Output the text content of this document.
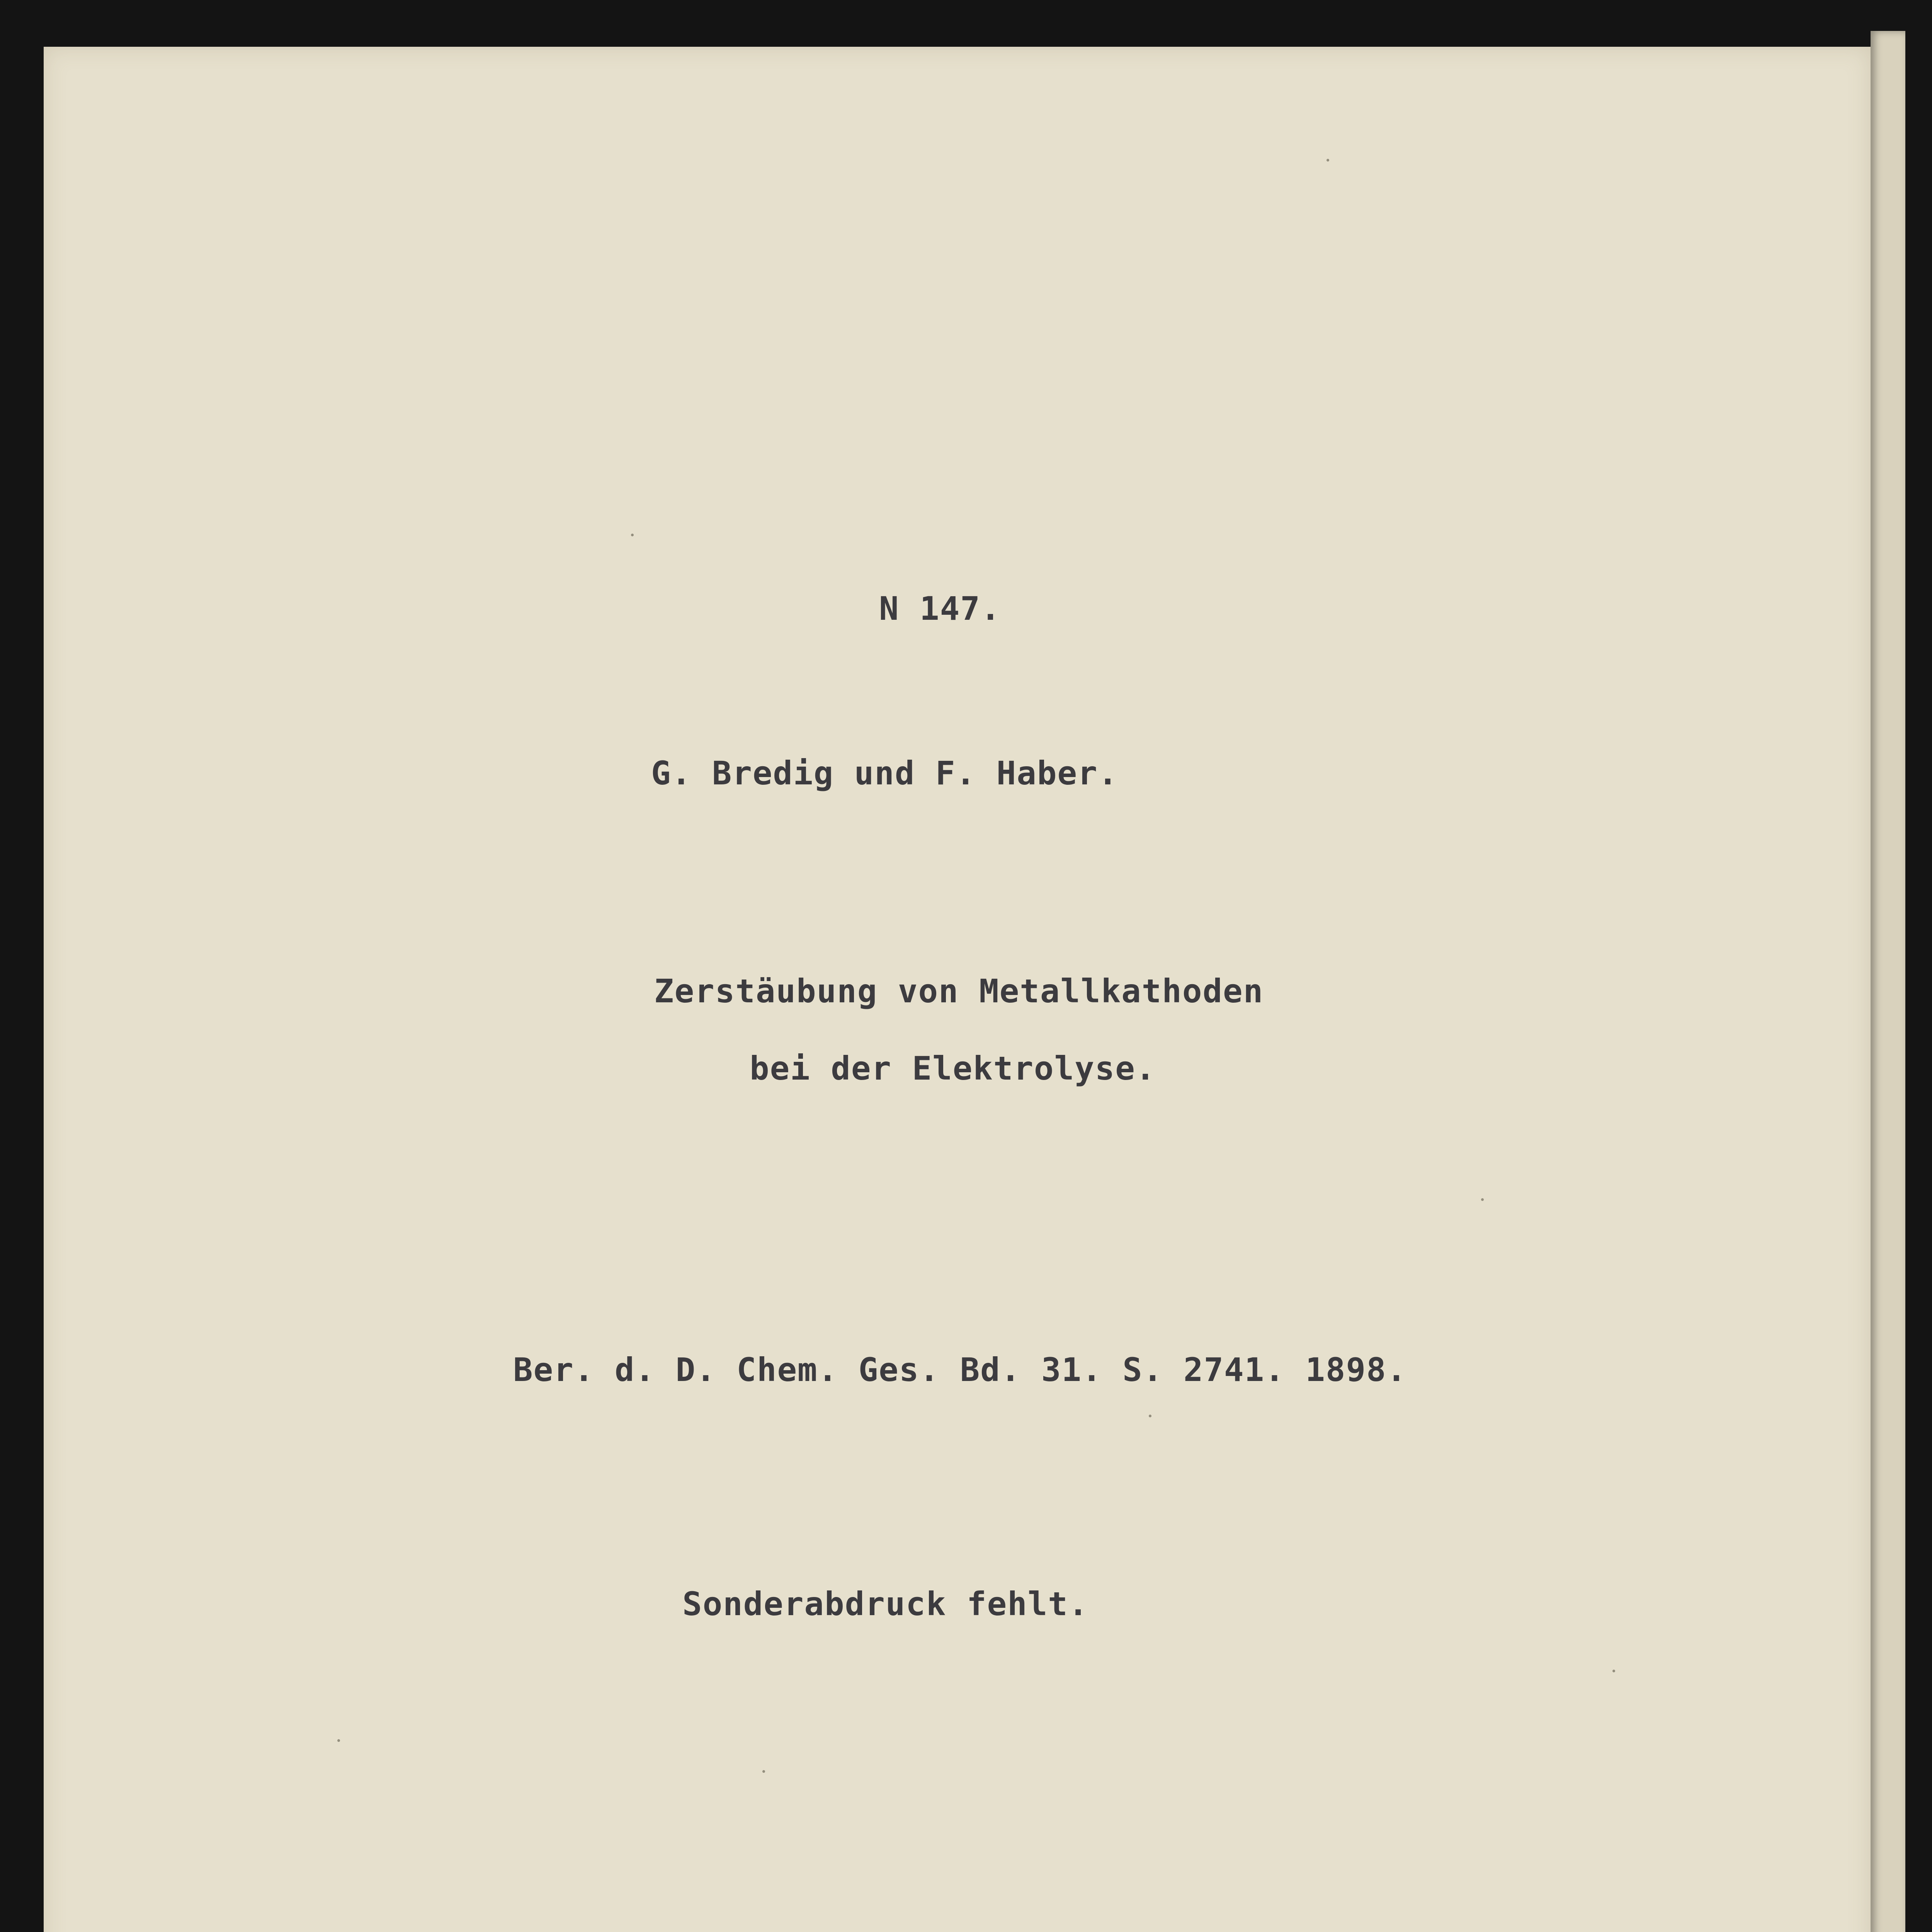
N 147.

G. Bredig und F. Haber.

Zerstäubung von Metallkathoden

bei der Elektrolyse.

Ber. d. D. Chem. Ges. Bd. 31. S. 2741. 1898.

Sonderabdruck fehlt.
